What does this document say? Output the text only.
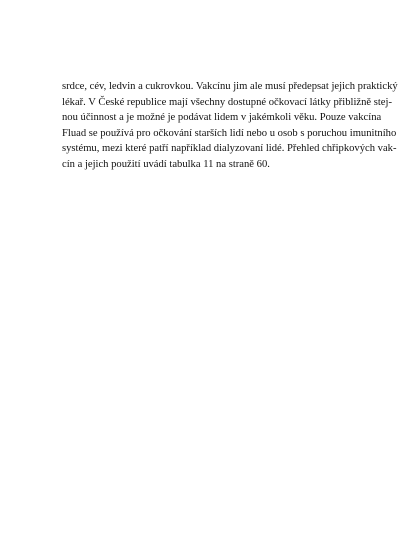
srdce, cév, ledvin a cukrovkou. Vakcínu jim ale musí předepsat jejich praktický
lékař. V České republice mají všechny dostupné očkovací látky přibližně stej-
nou účinnost a je možné je podávat lidem v jakémkoli věku. Pouze vakcína
Fluad se používá pro očkování starších lidí nebo u osob s poruchou imunitního
systému, mezi které patří například dialyzovaní lidé. Přehled chřipkových vak-
cín a jejich použití uvádí tabulka 11 na straně 60.
